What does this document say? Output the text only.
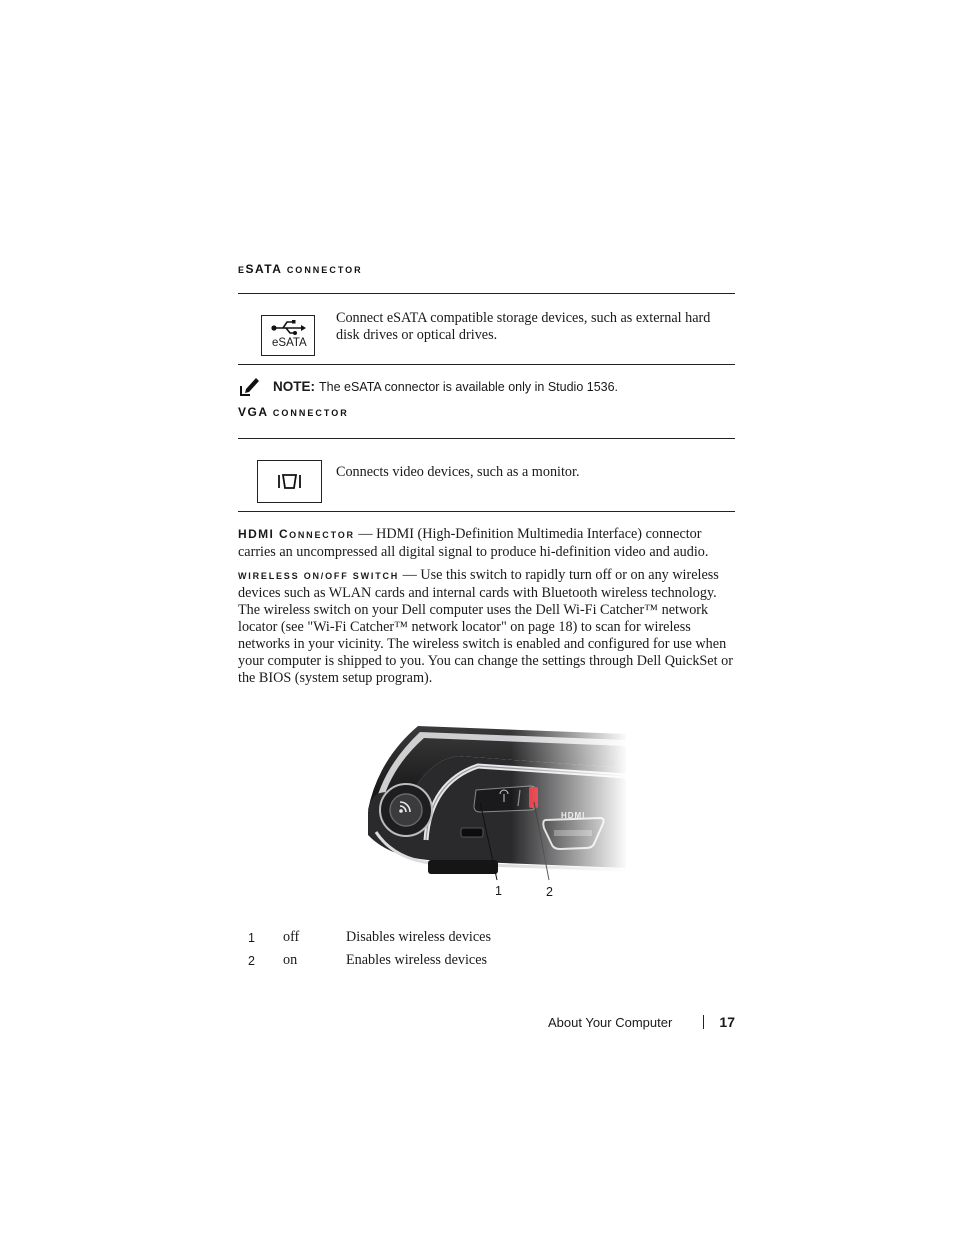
ESATA CONNECTOR
eSATA

Connect eSATA compatible storage devices, such as external hard disk drives or optical drives.

NOTE: The eSATA connector is available only in Studio 1536.
VGA CONNECTOR

Connects video devices, such as a monitor.

HDMI CONNECTOR — HDMI (High-Definition Multimedia Interface) connector carries an uncompressed all digital signal to produce hi-definition video and audio.

WIRELESS ON/OFF SWITCH — Use this switch to rapidly turn off or on any wireless devices such as WLAN cards and internal cards with Bluetooth wireless technology. The wireless switch on your Dell computer uses the Dell Wi-Fi Catcher™ network locator (see "Wi-Fi Catcher™ network locator" on page 18) to scan for wireless networks in your vicinity. The wireless switch is enabled and configured for use when your computer is shipped to you. You can change the settings through Dell QuickSet or the BIOS (system setup program).

HDMI
1	2
1	off	Disables wireless devices
2	on	Enables wireless devices
About Your Computer	17
